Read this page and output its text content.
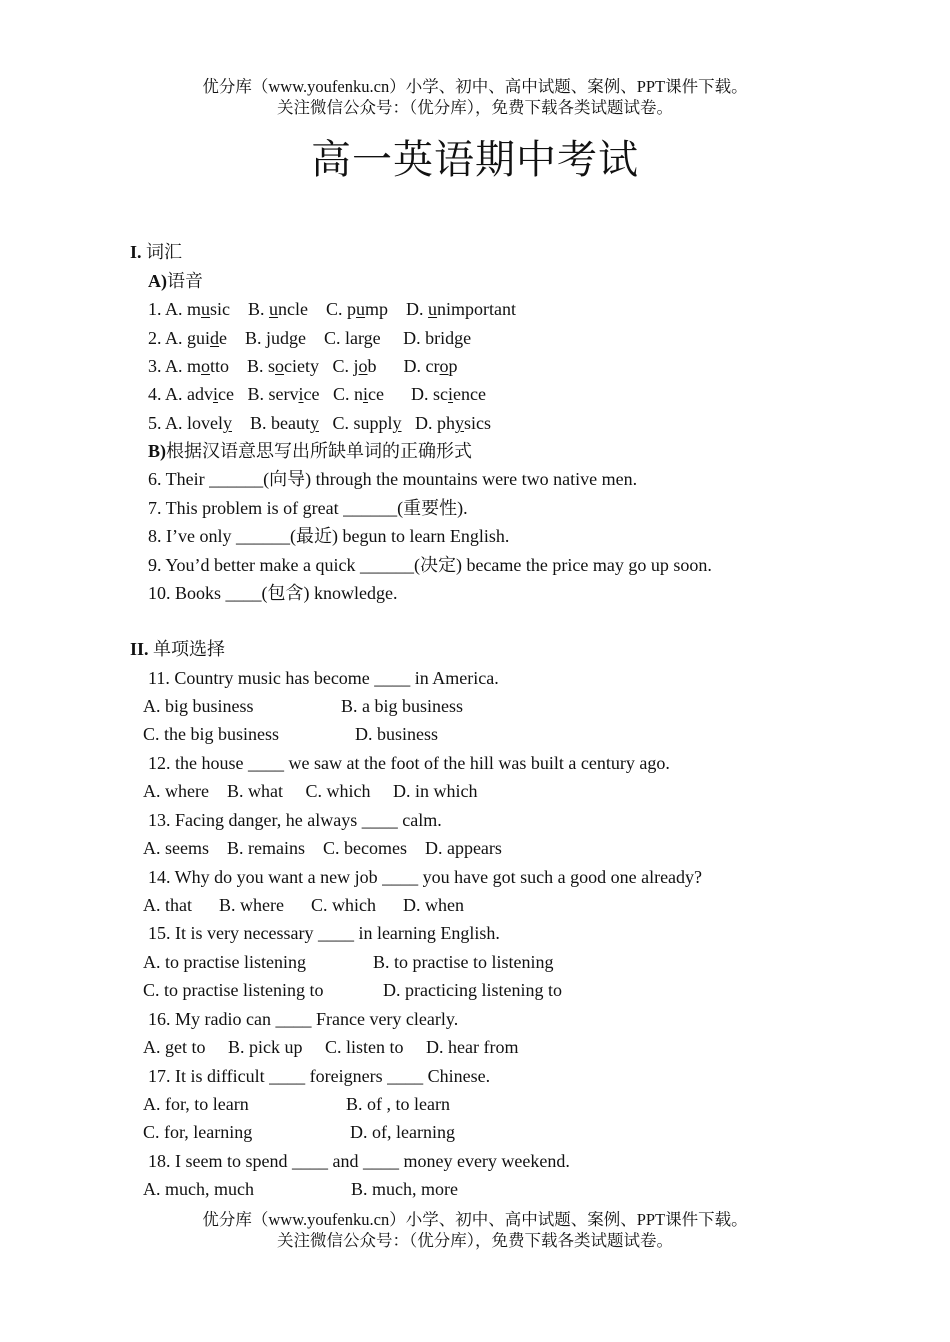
优分库（www.youfenku.cn）小学、初中、高中试题、案例、PPT课件下载。
关注微信公众号：（优分库），免费下载各类试题试卷。
高一英语期中考试
I. 词汇
A)语音
1. A. music    B. uncle    C. pump    D. unimportant
2. A. guide    B. judge    C. large     D. bridge
3. A. motto    B. society   C. job      D. crop
4. A. advice   B. service   C. nice      D. science
5. A. lovely    B. beauty   C. supply   D. physics
B)根据汉语意思写出所缺单词的正确形式
6. Their ______(向导) through the mountains were two native men.
7. This problem is of great ______(重要性).
8. I’ve only ______(最近) begun to learn English.
9. You’d better make a quick ______(决定) became the price may go up soon.
10. Books ____(包含) knowledge.
II. 单项选择
11. Country music has become ____ in America.
A. big business	B. a big business
C. the big business	D. business
12. the house ____ we saw at the foot of the hill was built a century ago.
A. where    B. what     C. which     D. in which
13. Facing danger, he always ____ calm.
A. seems    B. remains    C. becomes    D. appears
14. Why do you want a new job ____ you have got such a good one already?
A. that      B. where      C. which      D. when
15. It is very necessary ____ in learning English.
A. to practise listening	B. to practise to listening
C. to practise listening to	D. practicing listening to
16. My radio can ____ France very clearly.
A. get to     B. pick up     C. listen to     D. hear from
17. It is difficult ____ foreigners ____ Chinese.
A. for, to learn	B. of , to learn
C. for, learning	D. of, learning
18. I seem to spend ____ and ____ money every weekend.
A. much, much	B. much, more
优分库（www.youfenku.cn）小学、初中、高中试题、案例、PPT课件下载。
关注微信公众号：（优分库），免费下载各类试题试卷。
